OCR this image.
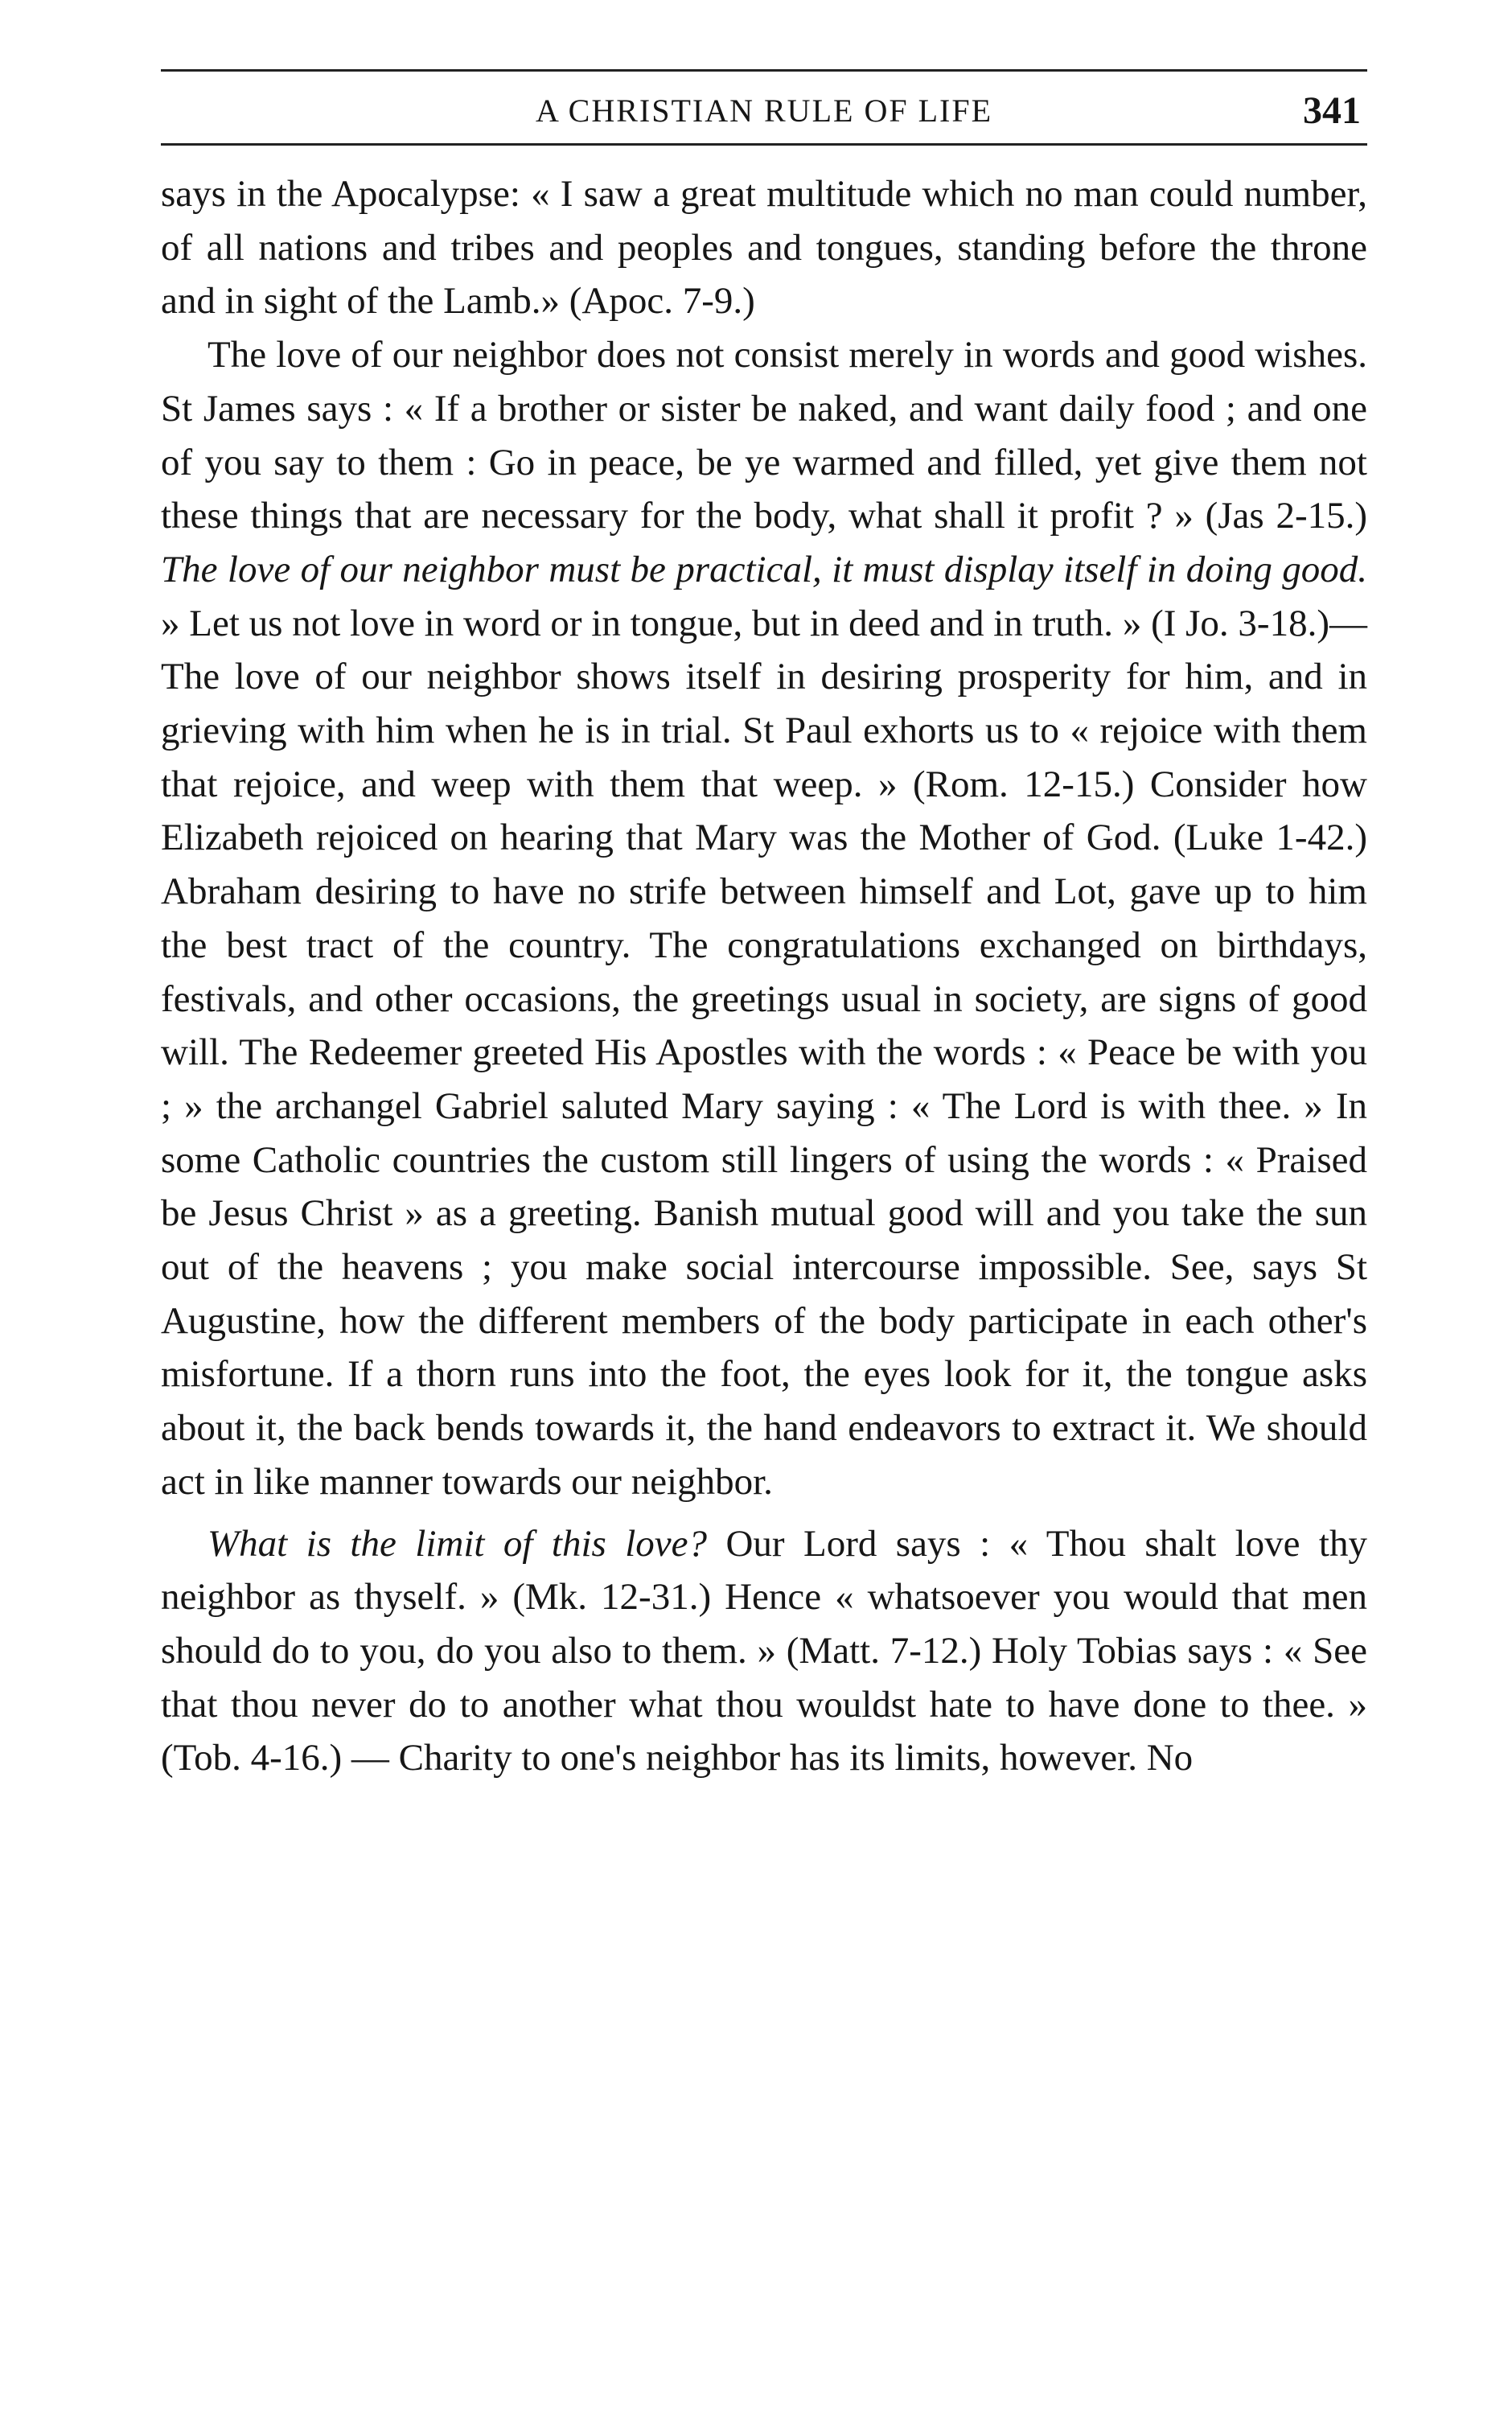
A CHRISTIAN RULE OF LIFE	341

says in the Apocalypse: « I saw a great multitude which no man could number, of all nations and tribes and peoples and tongues, standing before the throne and in sight of the Lamb.» (Apoc. 7-9.)

The love of our neighbor does not consist merely in words and good wishes. St James says : « If a brother or sister be naked, and want daily food ; and one of you say to them : Go in peace, be ye warmed and filled, yet give them not these things that are necessary for the body, what shall it profit ? » (Jas 2-15.) The love of our neighbor must be practical, it must display itself in doing good. » Let us not love in word or in tongue, but in deed and in truth. » (I Jo. 3-18.)—The love of our neighbor shows itself in desiring prosperity for him, and in grieving with him when he is in trial. St Paul exhorts us to « rejoice with them that rejoice, and weep with them that weep. » (Rom. 12-15.) Consider how Elizabeth rejoiced on hearing that Mary was the Mother of God. (Luke 1-42.) Abraham desiring to have no strife between himself and Lot, gave up to him the best tract of the country. The congratulations exchanged on birthdays, festivals, and other occasions, the greetings usual in society, are signs of good will. The Redeemer greeted His Apostles with the words : « Peace be with you ; » the archangel Gabriel saluted Mary saying : « The Lord is with thee. » In some Catholic countries the custom still lingers of using the words : « Praised be Jesus Christ » as a greeting. Banish mutual good will and you take the sun out of the heavens ; you make social intercourse impossible. See, says St Augustine, how the different members of the body participate in each other's misfortune. If a thorn runs into the foot, the eyes look for it, the tongue asks about it, the back bends towards it, the hand endeavors to extract it. We should act in like manner towards our neighbor.

What is the limit of this love? Our Lord says : « Thou shalt love thy neighbor as thyself. » (Mk. 12-31.) Hence « whatsoever you would that men should do to you, do you also to them. » (Matt. 7-12.) Holy Tobias says : « See that thou never do to another what thou wouldst hate to have done to thee. » (Tob. 4-16.) — Charity to one's neighbor has its limits, however. No
